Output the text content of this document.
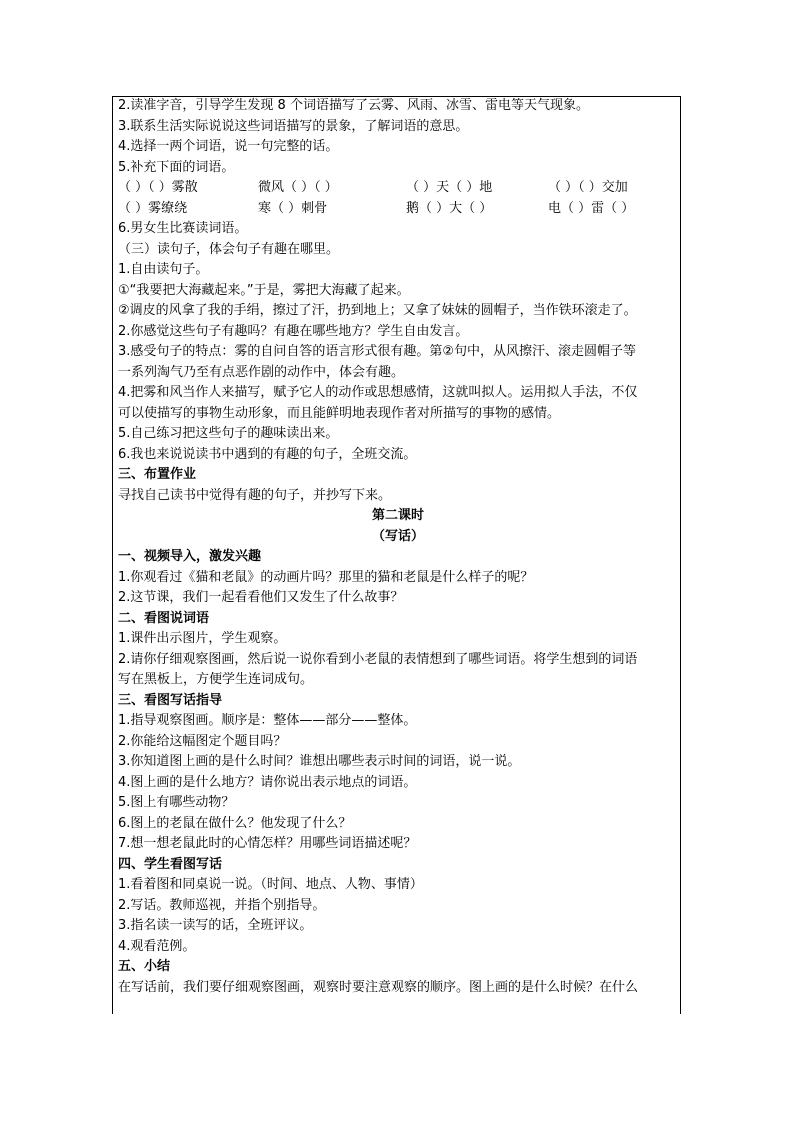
2.读准字音，引导学生发现 8 个词语描写了云雾、风雨、冰雪、雷电等天气现象。
3.联系生活实际说说这些词语描写的景象，了解词语的意思。
4.选择一两个词语，说一句完整的话。
5.补充下面的词语。
（ ）（ ）雾散	微风（ ）（ ）	（ ）天（ ）地	（ ）（ ）交加
（ ）雾缭绕	寒（ ）刺骨	鹅（ ）大（ ）	电（ ）雷（ ）
6.男女生比赛读词语。
（三）读句子，体会句子有趣在哪里。
1.自由读句子。
①“我要把大海藏起来。”于是，雾把大海藏了起来。
②调皮的风拿了我的手绢，擦过了汗，扔到地上；又拿了妹妹的圆帽子，当作铁环滚走了。
2.你感觉这些句子有趣吗？有趣在哪些地方？学生自由发言。
3.感受句子的特点：雾的自问自答的语言形式很有趣。第②句中，从风擦汗、滚走圆帽子等
一系列淘气乃至有点恶作剧的动作中，体会有趣。
4.把雾和风当作人来描写，赋予它人的动作或思想感情，这就叫拟人。运用拟人手法，不仅
可以使描写的事物生动形象，而且能鲜明地表现作者对所描写的事物的感情。
5.自己练习把这些句子的趣味读出来。
6.我也来说说读书中遇到的有趣的句子，全班交流。
三、布置作业
寻找自己读书中觉得有趣的句子，并抄写下来。
第二课时
（写话）
一、视频导入，激发兴趣
1.你观看过《猫和老鼠》的动画片吗？那里的猫和老鼠是什么样子的呢？
2.这节课，我们一起看看他们又发生了什么故事？
二、看图说词语
1.课件出示图片，学生观察。
2.请你仔细观察图画，然后说一说你看到小老鼠的表情想到了哪些词语。将学生想到的词语
写在黑板上，方便学生连词成句。
三、看图写话指导
1.指导观察图画。顺序是：整体——部分——整体。
2.你能给这幅图定个题目吗？
3.你知道图上画的是什么时间？谁想出哪些表示时间的词语，说一说。
4.图上画的是什么地方？请你说出表示地点的词语。
5.图上有哪些动物？
6.图上的老鼠在做什么？他发现了什么？
7.想一想老鼠此时的心情怎样？用哪些词语描述呢？
四、学生看图写话
1.看着图和同桌说一说。（时间、地点、人物、事情）
2.写话。教师巡视，并指个别指导。
3.指名读一读写的话，全班评议。
4.观看范例。
五、小结
在写话前，我们要仔细观察图画，观察时要注意观察的顺序。图上画的是什么时候？在什么
